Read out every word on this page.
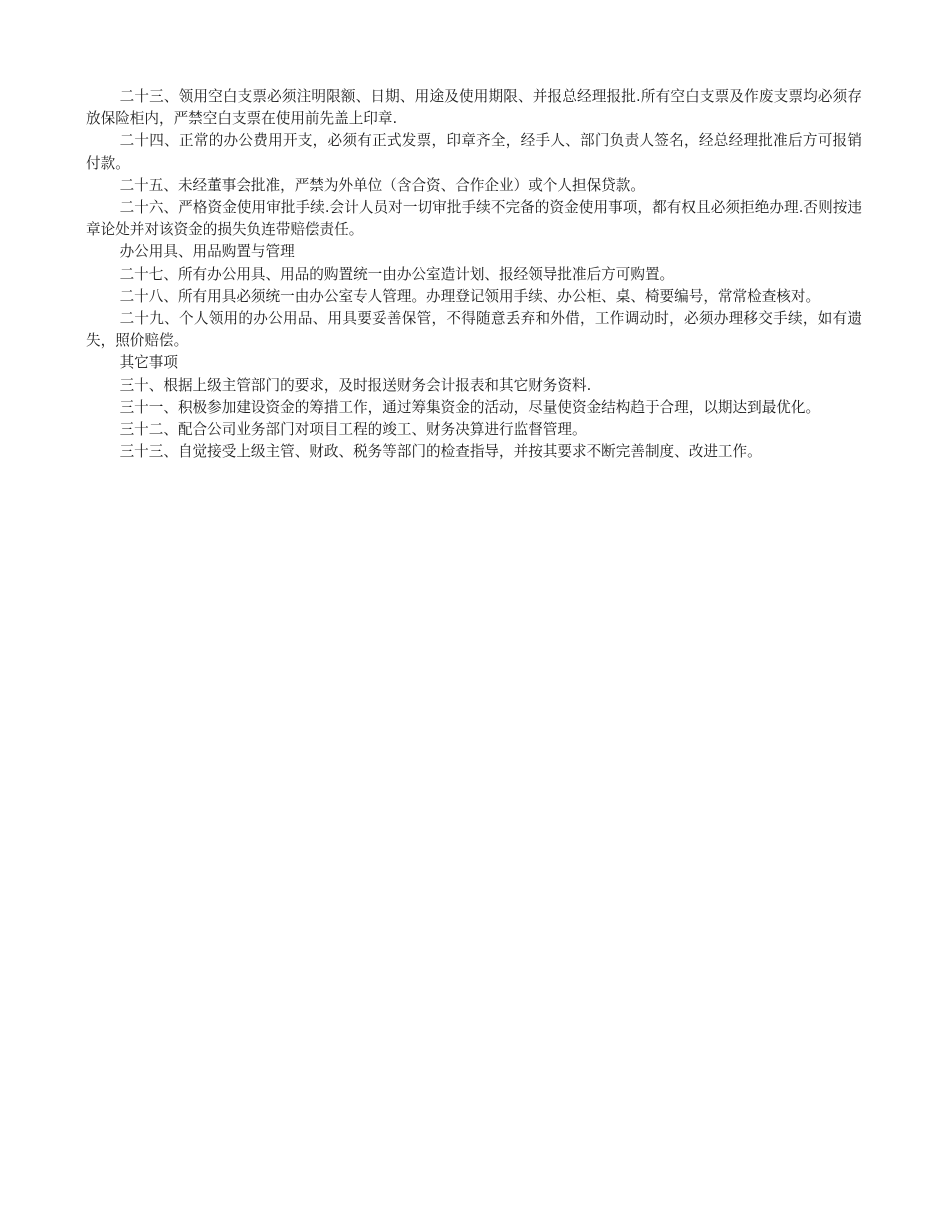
二十三、领用空白支票必须注明限额、日期、用途及使用期限、并报总经理报批.所有空白支票及作废支票均必须存放保险柜内，严禁空白支票在使用前先盖上印章.

二十四、正常的办公费用开支，必须有正式发票，印章齐全，经手人、部门负责人签名，经总经理批准后方可报销付款。

二十五、未经董事会批准，严禁为外单位（含合资、合作企业）或个人担保贷款。

二十六、严格资金使用审批手续.会计人员对一切审批手续不完备的资金使用事项，都有权且必须拒绝办理.否则按违章论处并对该资金的损失负连带赔偿责任。

办公用具、用品购置与管理

二十七、所有办公用具、用品的购置统一由办公室造计划、报经领导批准后方可购置。

二十八、所有用具必须统一由办公室专人管理。办理登记领用手续、办公柜、桌、椅要编号，常常检查核对。

二十九、个人领用的办公用品、用具要妥善保管，不得随意丢弃和外借，工作调动时，必须办理移交手续，如有遗失，照价赔偿。

其它事项

三十、根据上级主管部门的要求，及时报送财务会计报表和其它财务资料.

三十一、积极参加建设资金的筹措工作，通过筹集资金的活动，尽量使资金结构趋于合理，以期达到最优化。

三十二、配合公司业务部门对项目工程的竣工、财务决算进行监督管理。

三十三、自觉接受上级主管、财政、税务等部门的检查指导，并按其要求不断完善制度、改进工作。
